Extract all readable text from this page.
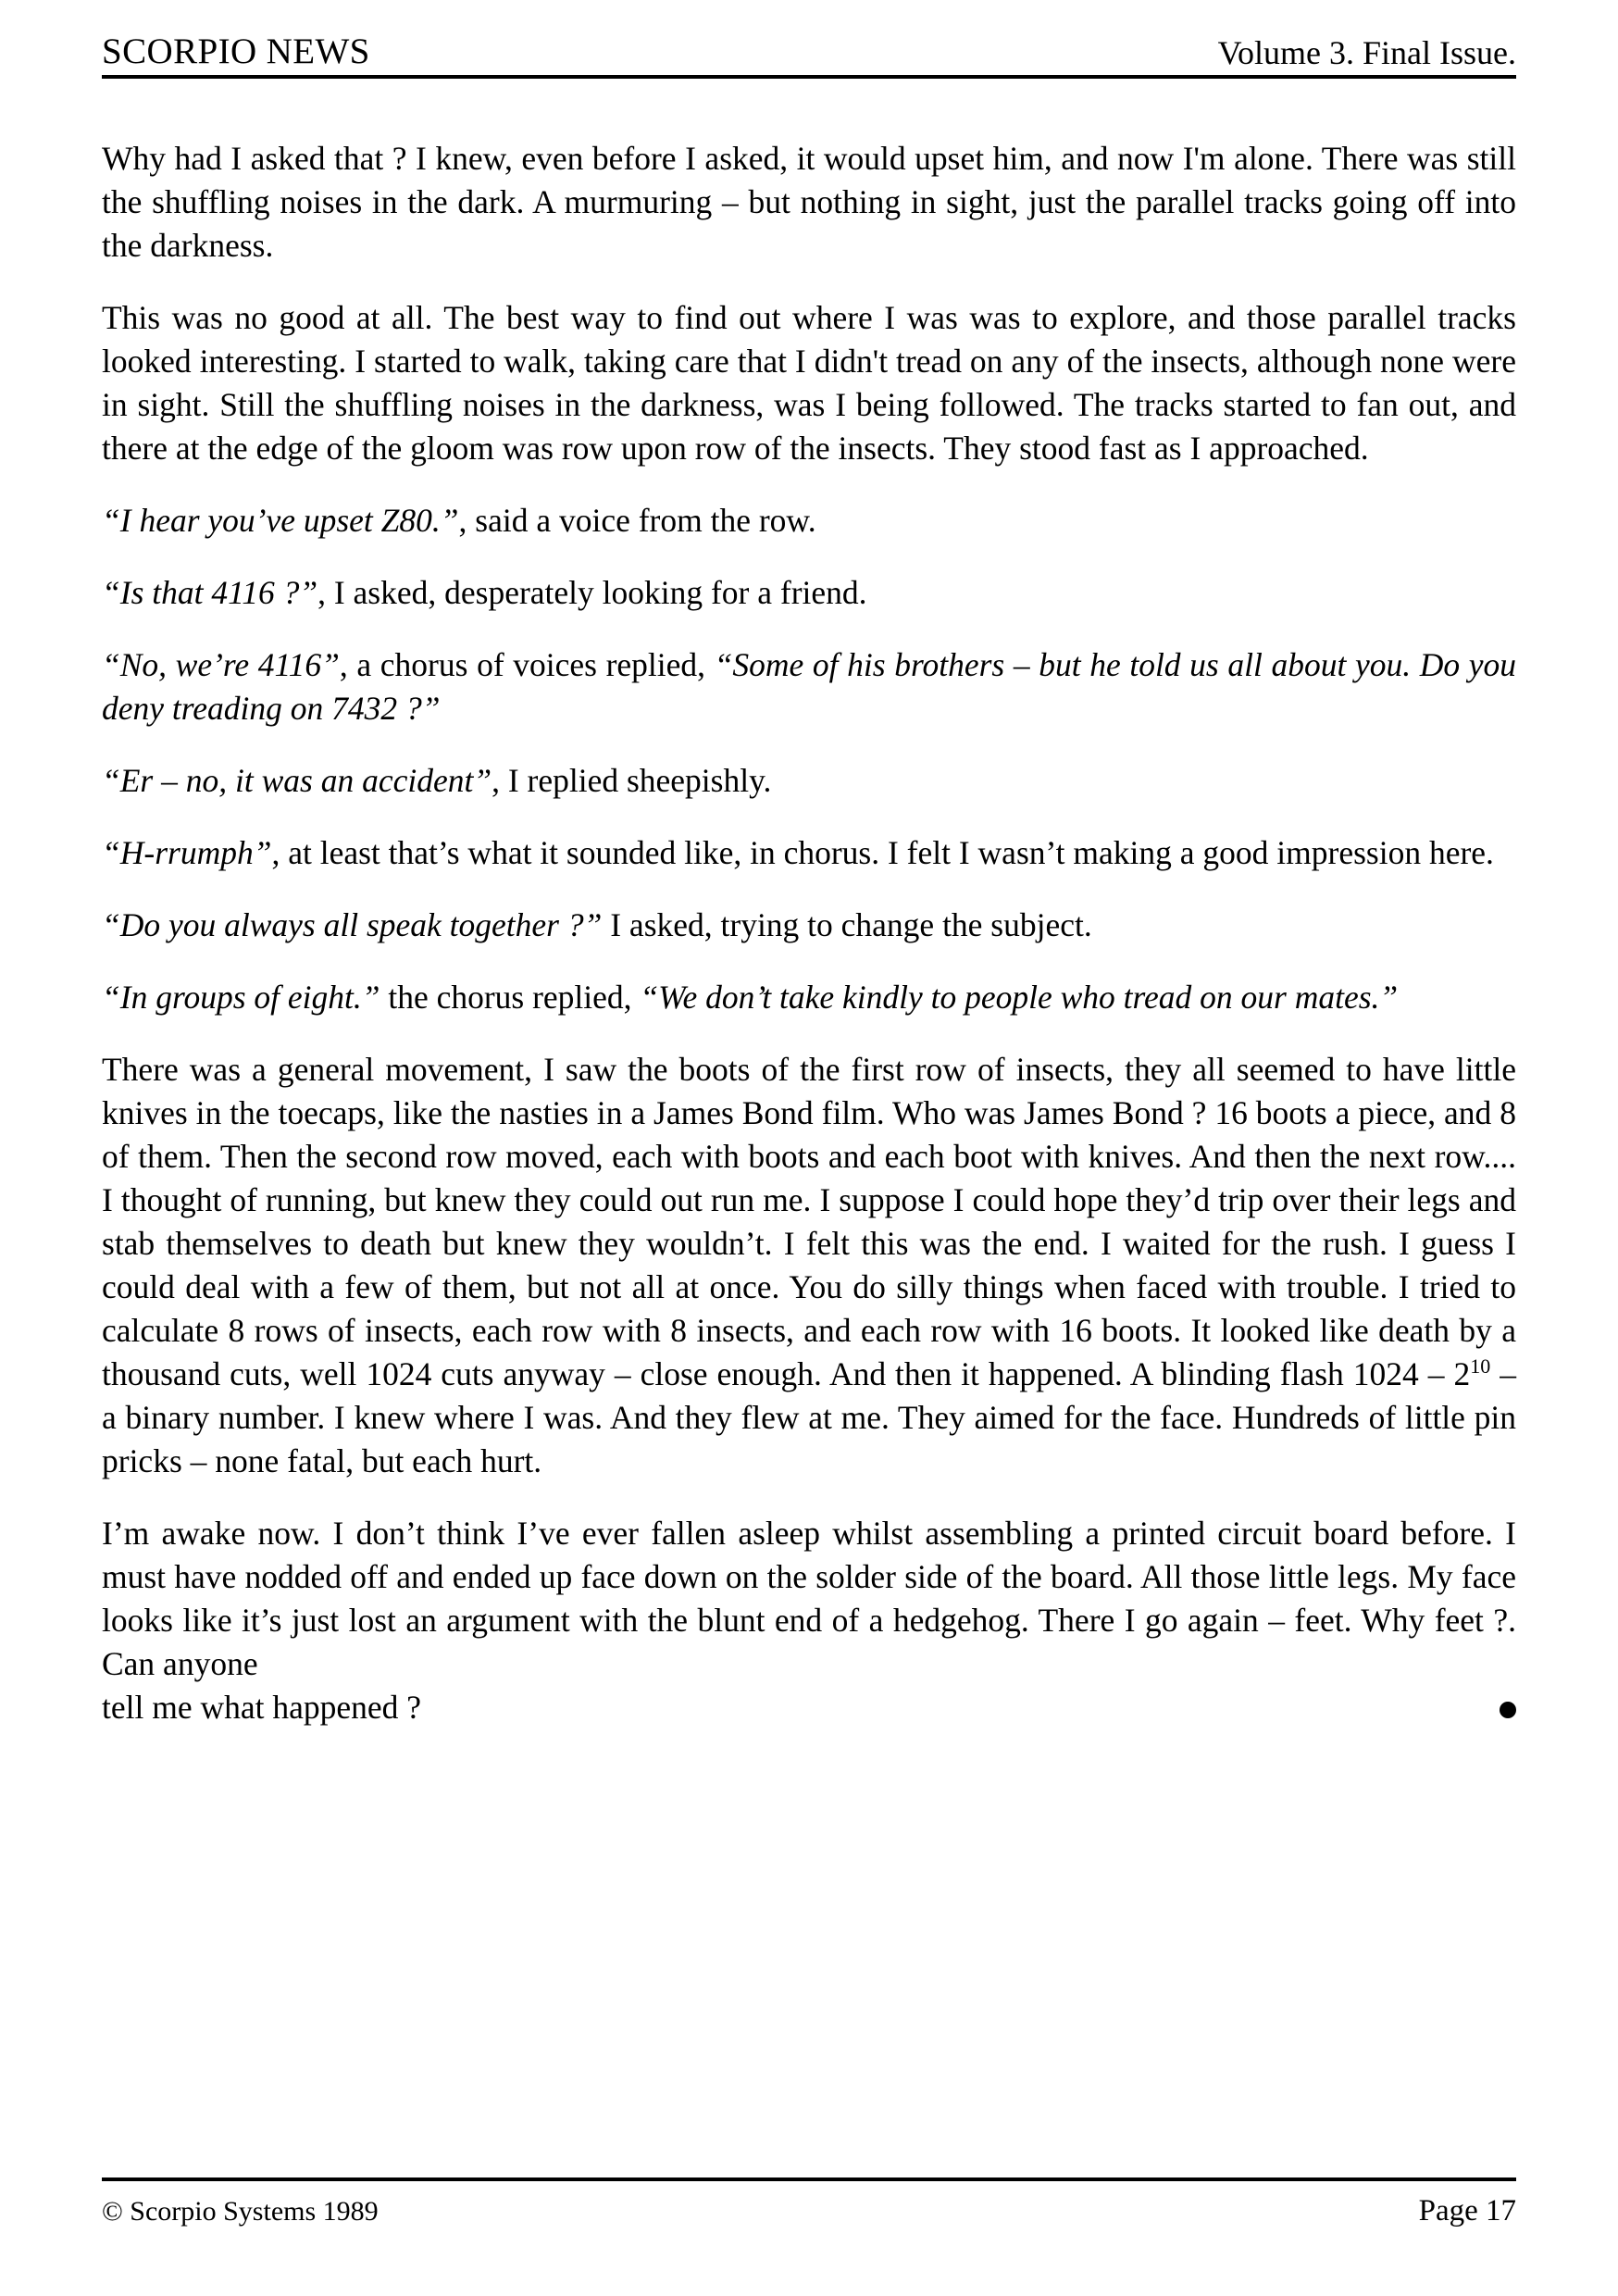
SCORPIO NEWS	Volume 3. Final Issue.

Why had I asked that ? I knew, even before I asked, it would upset him, and now I'm alone. There was still the shuffling noises in the dark. A murmuring – but nothing in sight, just the parallel tracks going off into the darkness.

This was no good at all. The best way to find out where I was was to explore, and those parallel tracks looked interesting. I started to walk, taking care that I didn't tread on any of the insects, although none were in sight. Still the shuffling noises in the darkness, was I being followed. The tracks started to fan out, and there at the edge of the gloom was row upon row of the insects. They stood fast as I approached.

“I hear you’ve upset Z80.”, said a voice from the row.

“Is that 4116 ?”, I asked, desperately looking for a friend.

“No, we’re 4116”, a chorus of voices replied, “Some of his brothers – but he told us all about you. Do you deny treading on 7432 ?”

“Er – no, it was an accident”, I replied sheepishly.

“H-rrumph”, at least that’s what it sounded like, in chorus. I felt I wasn’t making a good impression here.

“Do you always all speak together ?” I asked, trying to change the subject.

“In groups of eight.” the chorus replied, “We don’t take kindly to people who tread on our mates.”

There was a general movement, I saw the boots of the first row of insects, they all seemed to have little knives in the toecaps, like the nasties in a James Bond film. Who was James Bond ? 16 boots a piece, and 8 of them. Then the second row moved, each with boots and each boot with knives. And then the next row.... I thought of running, but knew they could out run me. I suppose I could hope they’d trip over their legs and stab themselves to death but knew they wouldn’t. I felt this was the end. I waited for the rush. I guess I could deal with a few of them, but not all at once. You do silly things when faced with trouble. I tried to calculate 8 rows of insects, each row with 8 insects, and each row with 16 boots. It looked like death by a thousand cuts, well 1024 cuts anyway – close enough. And then it happened. A blinding flash $1024 - 2^{10}$ – a binary number. I knew where I was. And they flew at me. They aimed for the face. Hundreds of little pin pricks – none fatal, but each hurt.

I’m awake now. I don’t think I’ve ever fallen asleep whilst assembling a printed circuit board before. I must have nodded off and ended up face down on the solder side of the board. All those little legs. My face looks like it’s just lost an argument with the blunt end of a hedgehog. There I go again – feet. Why feet ?. Can anyone
tell me what happened ?

© Scorpio Systems 1989	Page 17
